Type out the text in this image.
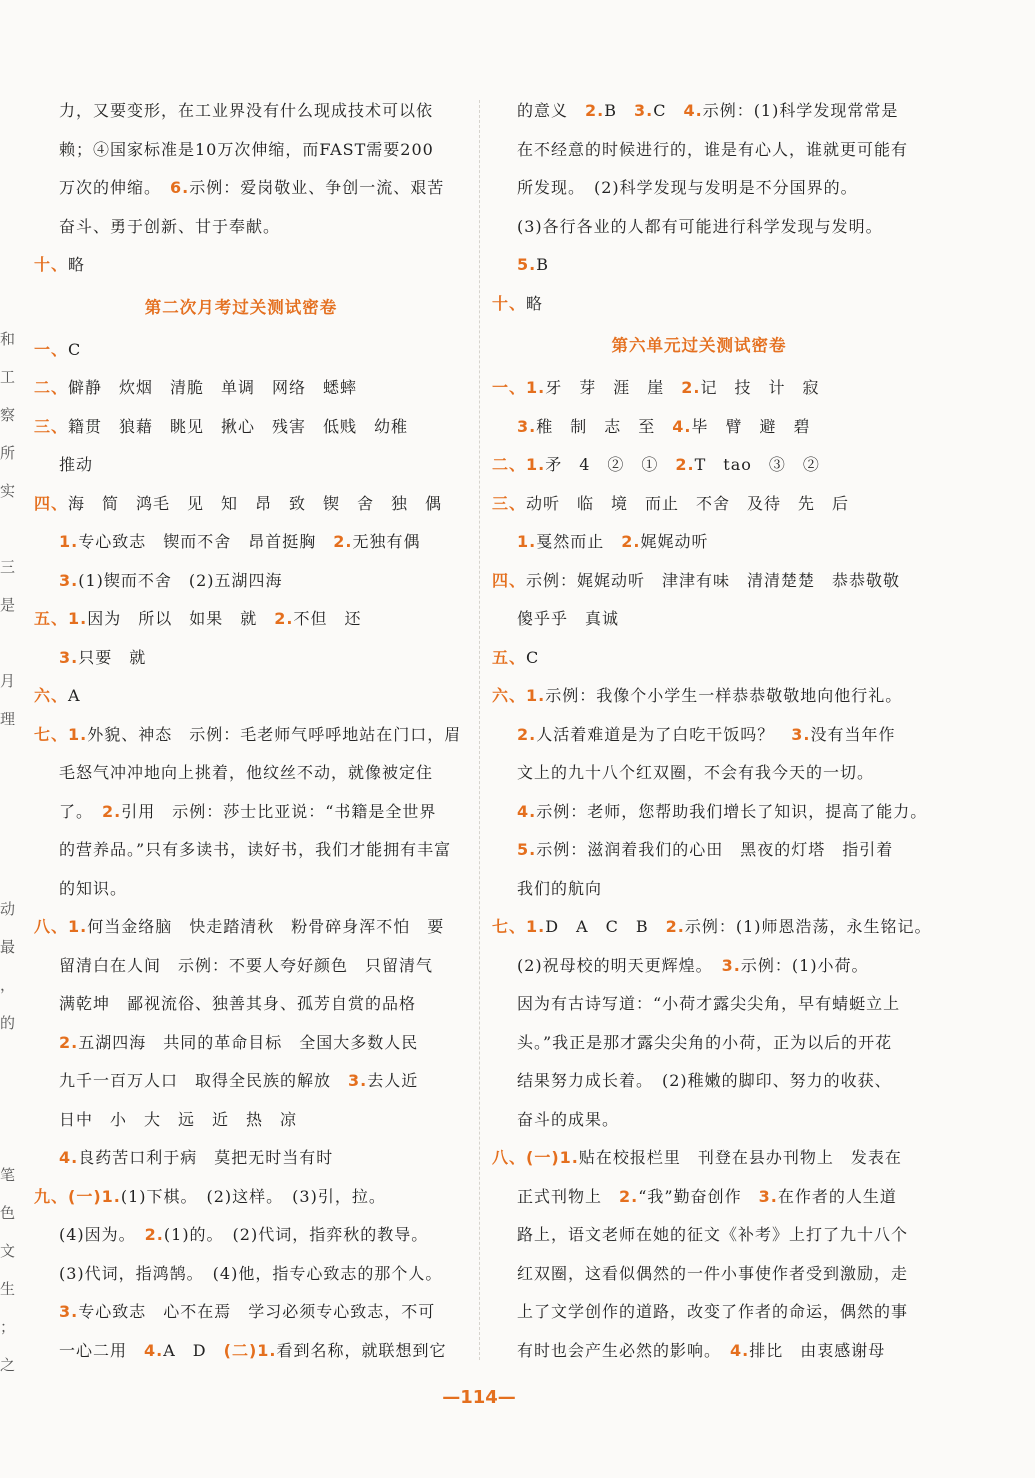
和
工
察
所
实
三
是
月
理
动
最
，
的
笔
色
文
生
；
之
力，又要变形，在工业界没有什么现成技术可以依
赖；④国家标准是10万次伸缩，而FAST需要200
万次的伸缩。　6.示例：爱岗敬业、争创一流、艰苦
奋斗、勇于创新、甘于奉献。
十、略
第二次月考过关测试密卷
一、C
二、僻静　炊烟　清脆　单调　网络　蟋蟀
三、籍贯　狼藉　眺见　揪心　残害　低贱　幼稚
推动
四、海　简　鸿毛　见　知　昂　致　锲　舍　独　偶
1.专心致志　锲而不舍　昂首挺胸　2.无独有偶
3.(1)锲而不舍　(2)五湖四海
五、1.因为　所以　如果　就　2.不但　还
3.只要　就
六、A
七、1.外貌、神态　示例：毛老师气呼呼地站在门口，眉
毛怒气冲冲地向上挑着，他纹丝不动，就像被定住
了。　2.引用　示例：莎士比亚说：“书籍是全世界
的营养品。”只有多读书，读好书，我们才能拥有丰富
的知识。
八、1.何当金络脑　快走踏清秋　粉骨碎身浑不怕　要
留清白在人间　示例：不要人夸好颜色　只留清气
满乾坤　鄙视流俗、独善其身、孤芳自赏的品格
2.五湖四海　共同的革命目标　全国大多数人民
九千一百万人口　取得全民族的解放　3.去人近
日中　小　大　远　近　热　凉
4.良药苦口利于病　莫把无时当有时
九、(一)1.(1)下棋。　(2)这样。　(3)引，拉。
(4)因为。　2.(1)的。　(2)代词，指弈秋的教导。
(3)代词，指鸿鹄。　(4)他，指专心致志的那个人。
3.专心致志　心不在焉　学习必须专心致志，不可
一心二用　4.A　D　(二)1.看到名称，就联想到它
的意义　2.B　3.C　4.示例：(1)科学发现常常是
在不经意的时候进行的，谁是有心人，谁就更可能有
所发现。　(2)科学发现与发明是不分国界的。
(3)各行各业的人都有可能进行科学发现与发明。
5.B
十、略
第六单元过关测试密卷
一、1.牙　芽　涯　崖　2.记　技　计　寂
3.稚　制　志　至　4.毕　臂　避　碧
二、1.矛　4　②　①　2.T　tao　③　②
三、动听　临　境　而止　不舍　及待　先　后
1.戛然而止　2.娓娓动听
四、示例：娓娓动听　津津有味　清清楚楚　恭恭敬敬
傻乎乎　真诚
五、C
六、1.示例：我像个小学生一样恭恭敬敬地向他行礼。
2.人活着难道是为了白吃干饭吗？　3.没有当年作
文上的九十八个红双圈，不会有我今天的一切。
4.示例：老师，您帮助我们增长了知识，提高了能力。
5.示例：滋润着我们的心田　黑夜的灯塔　指引着
我们的航向
七、1.D　A　C　B　2.示例：(1)师恩浩荡，永生铭记。
(2)祝母校的明天更辉煌。　3.示例：(1)小荷。
因为有古诗写道：“小荷才露尖尖角，早有蜻蜓立上
头。”我正是那才露尖尖角的小荷，正为以后的开花
结果努力成长着。　(2)稚嫩的脚印、努力的收获、
奋斗的成果。
八、(一)1.贴在校报栏里　刊登在县办刊物上　发表在
正式刊物上　2.“我”勤奋创作　3.在作者的人生道
路上，语文老师在她的征文《补考》上打了九十八个
红双圈，这看似偶然的一件小事使作者受到激励，走
上了文学创作的道路，改变了作者的命运，偶然的事
有时也会产生必然的影响。　4.排比　由衷感谢母
—114—
